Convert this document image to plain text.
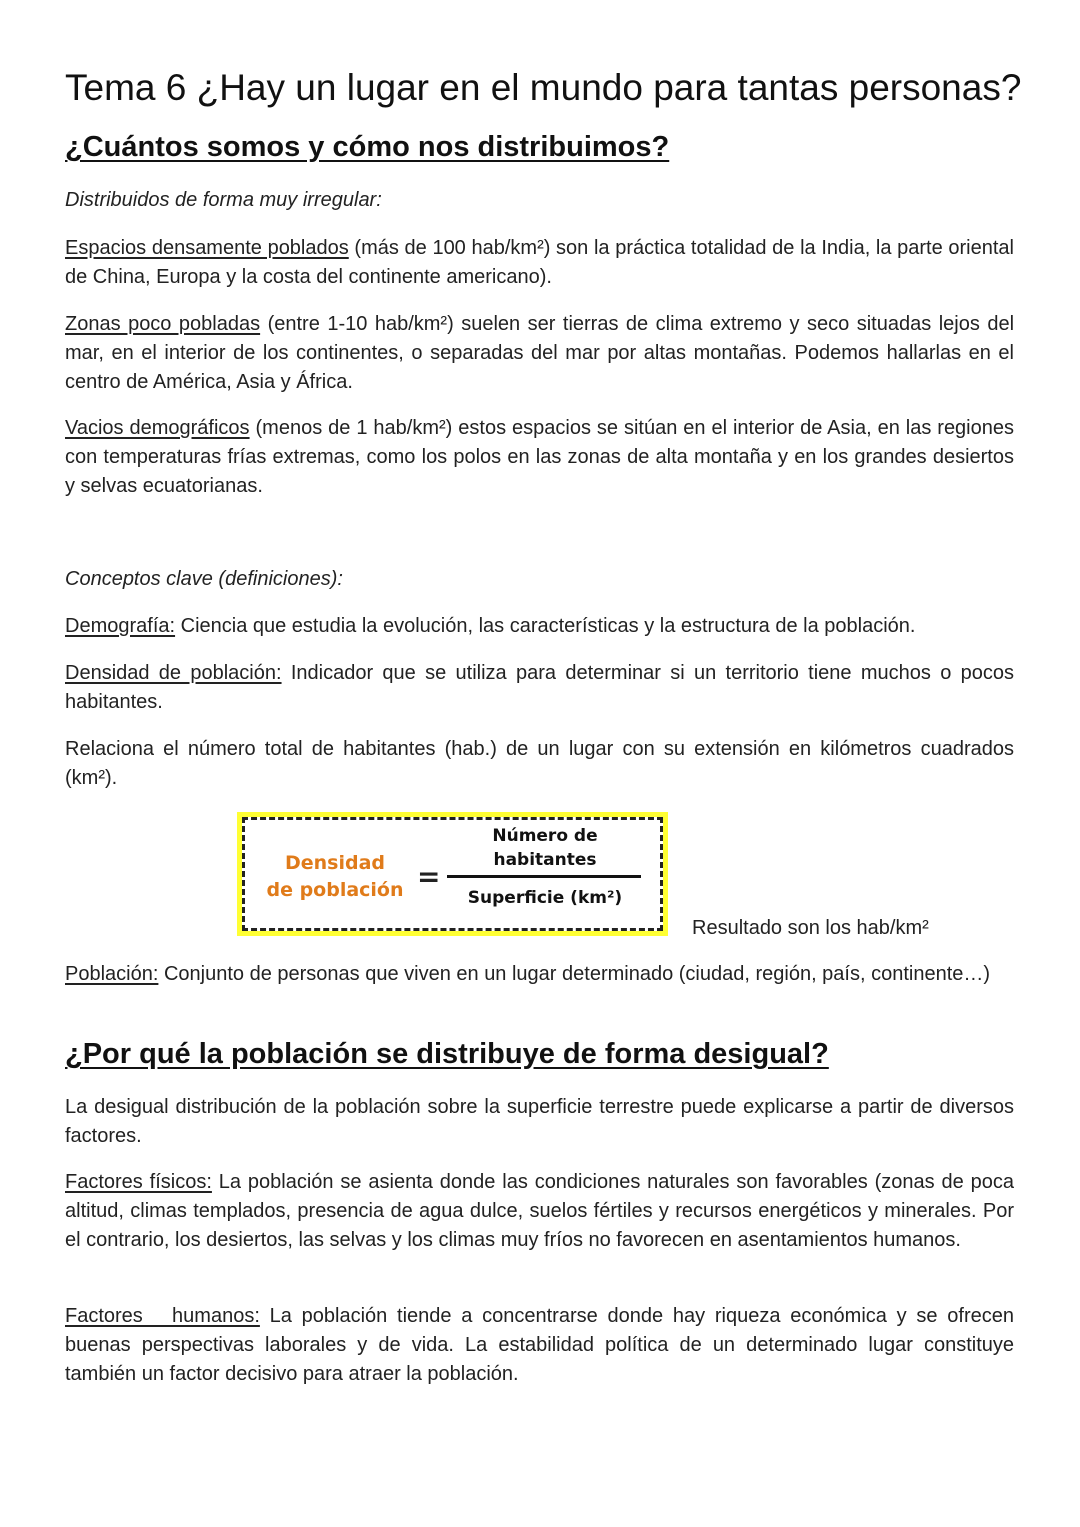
Tema 6 ¿Hay un lugar en el mundo para tantas personas?
¿Cuántos somos y cómo nos distribuimos?

Distribuidos de forma muy irregular:

Espacios densamente poblados (más de 100 hab/km²) son la práctica totalidad de la India, la parte oriental de China, Europa y la costa del continente americano).

Zonas poco pobladas (entre 1-10 hab/km²) suelen ser tierras de clima extremo y seco situadas lejos del mar, en el interior de los continentes, o separadas del mar por altas montañas. Podemos hallarlas en el centro de América, Asia y África.

Vacios demográficos (menos de 1 hab/km²) estos espacios se sitúan en el interior de Asia, en las regiones con temperaturas frías extremas, como los polos en las zonas de alta montaña y en los grandes desiertos y selvas ecuatorianas.

Conceptos clave (definiciones):

Demografía: Ciencia que estudia la evolución, las características y la estructura de la población.

Densidad de población: Indicador que se utiliza para determinar si un territorio tiene muchos o pocos habitantes.

Relaciona el número total de habitantes (hab.) de un lugar con su extensión en kilómetros cuadrados (km²).

Densidad
de población =
Número de
habitantes
Superficie (km²)
Resultado son los hab/km²

Población: Conjunto de personas que viven en un lugar determinado (ciudad, región, país, continente…)

¿Por qué la población se distribuye de forma desigual?

La desigual distribución de la población sobre la superficie terrestre puede explicarse a partir de diversos factores.

Factores físicos: La población se asienta donde las condiciones naturales son favorables (zonas de poca altitud, climas templados, presencia de agua dulce, suelos fértiles y recursos energéticos y minerales. Por el contrario, los desiertos, las selvas y los climas muy fríos no favorecen en asentamientos humanos.

Factores   humanos: La población tiende a concentrarse donde hay riqueza económica y se ofrecen buenas perspectivas laborales y de vida. La estabilidad política de un determinado lugar constituye también un factor decisivo para atraer la población.
